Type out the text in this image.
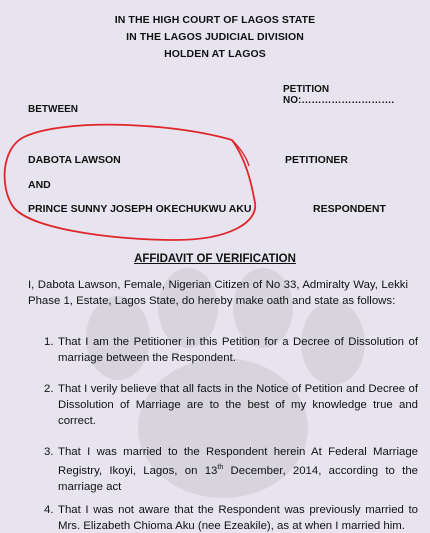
IN THE HIGH COURT OF LAGOS STATE
IN THE LAGOS JUDICIAL DIVISION
HOLDEN AT LAGOS
PETITION NO:……………………….
BETWEEN
DABOTA LAWSON	PETITIONER
AND
PRINCE SUNNY JOSEPH OKECHUKWU AKU	RESPONDENT
AFFIDAVIT OF VERIFICATION
I, Dabota Lawson, Female, Nigerian Citizen of No 33, Admiralty Way, Lekki Phase 1, Estate, Lagos State, do hereby make oath and state as follows:
1. That I am the Petitioner in this Petition for a Decree of Dissolution of marriage between the Respondent.
2. That I verily believe that all facts in the Notice of Petition and Decree of Dissolution of Marriage are to the best of my knowledge true and correct.
3. That I was married to the Respondent herein At Federal Marriage Registry, Ikoyi, Lagos, on 13th December, 2014, according to the marriage act
4. That I was not aware that the Respondent was previously married to Mrs. Elizabeth Chioma Aku (nee Ezeakile), as at when I married him.
